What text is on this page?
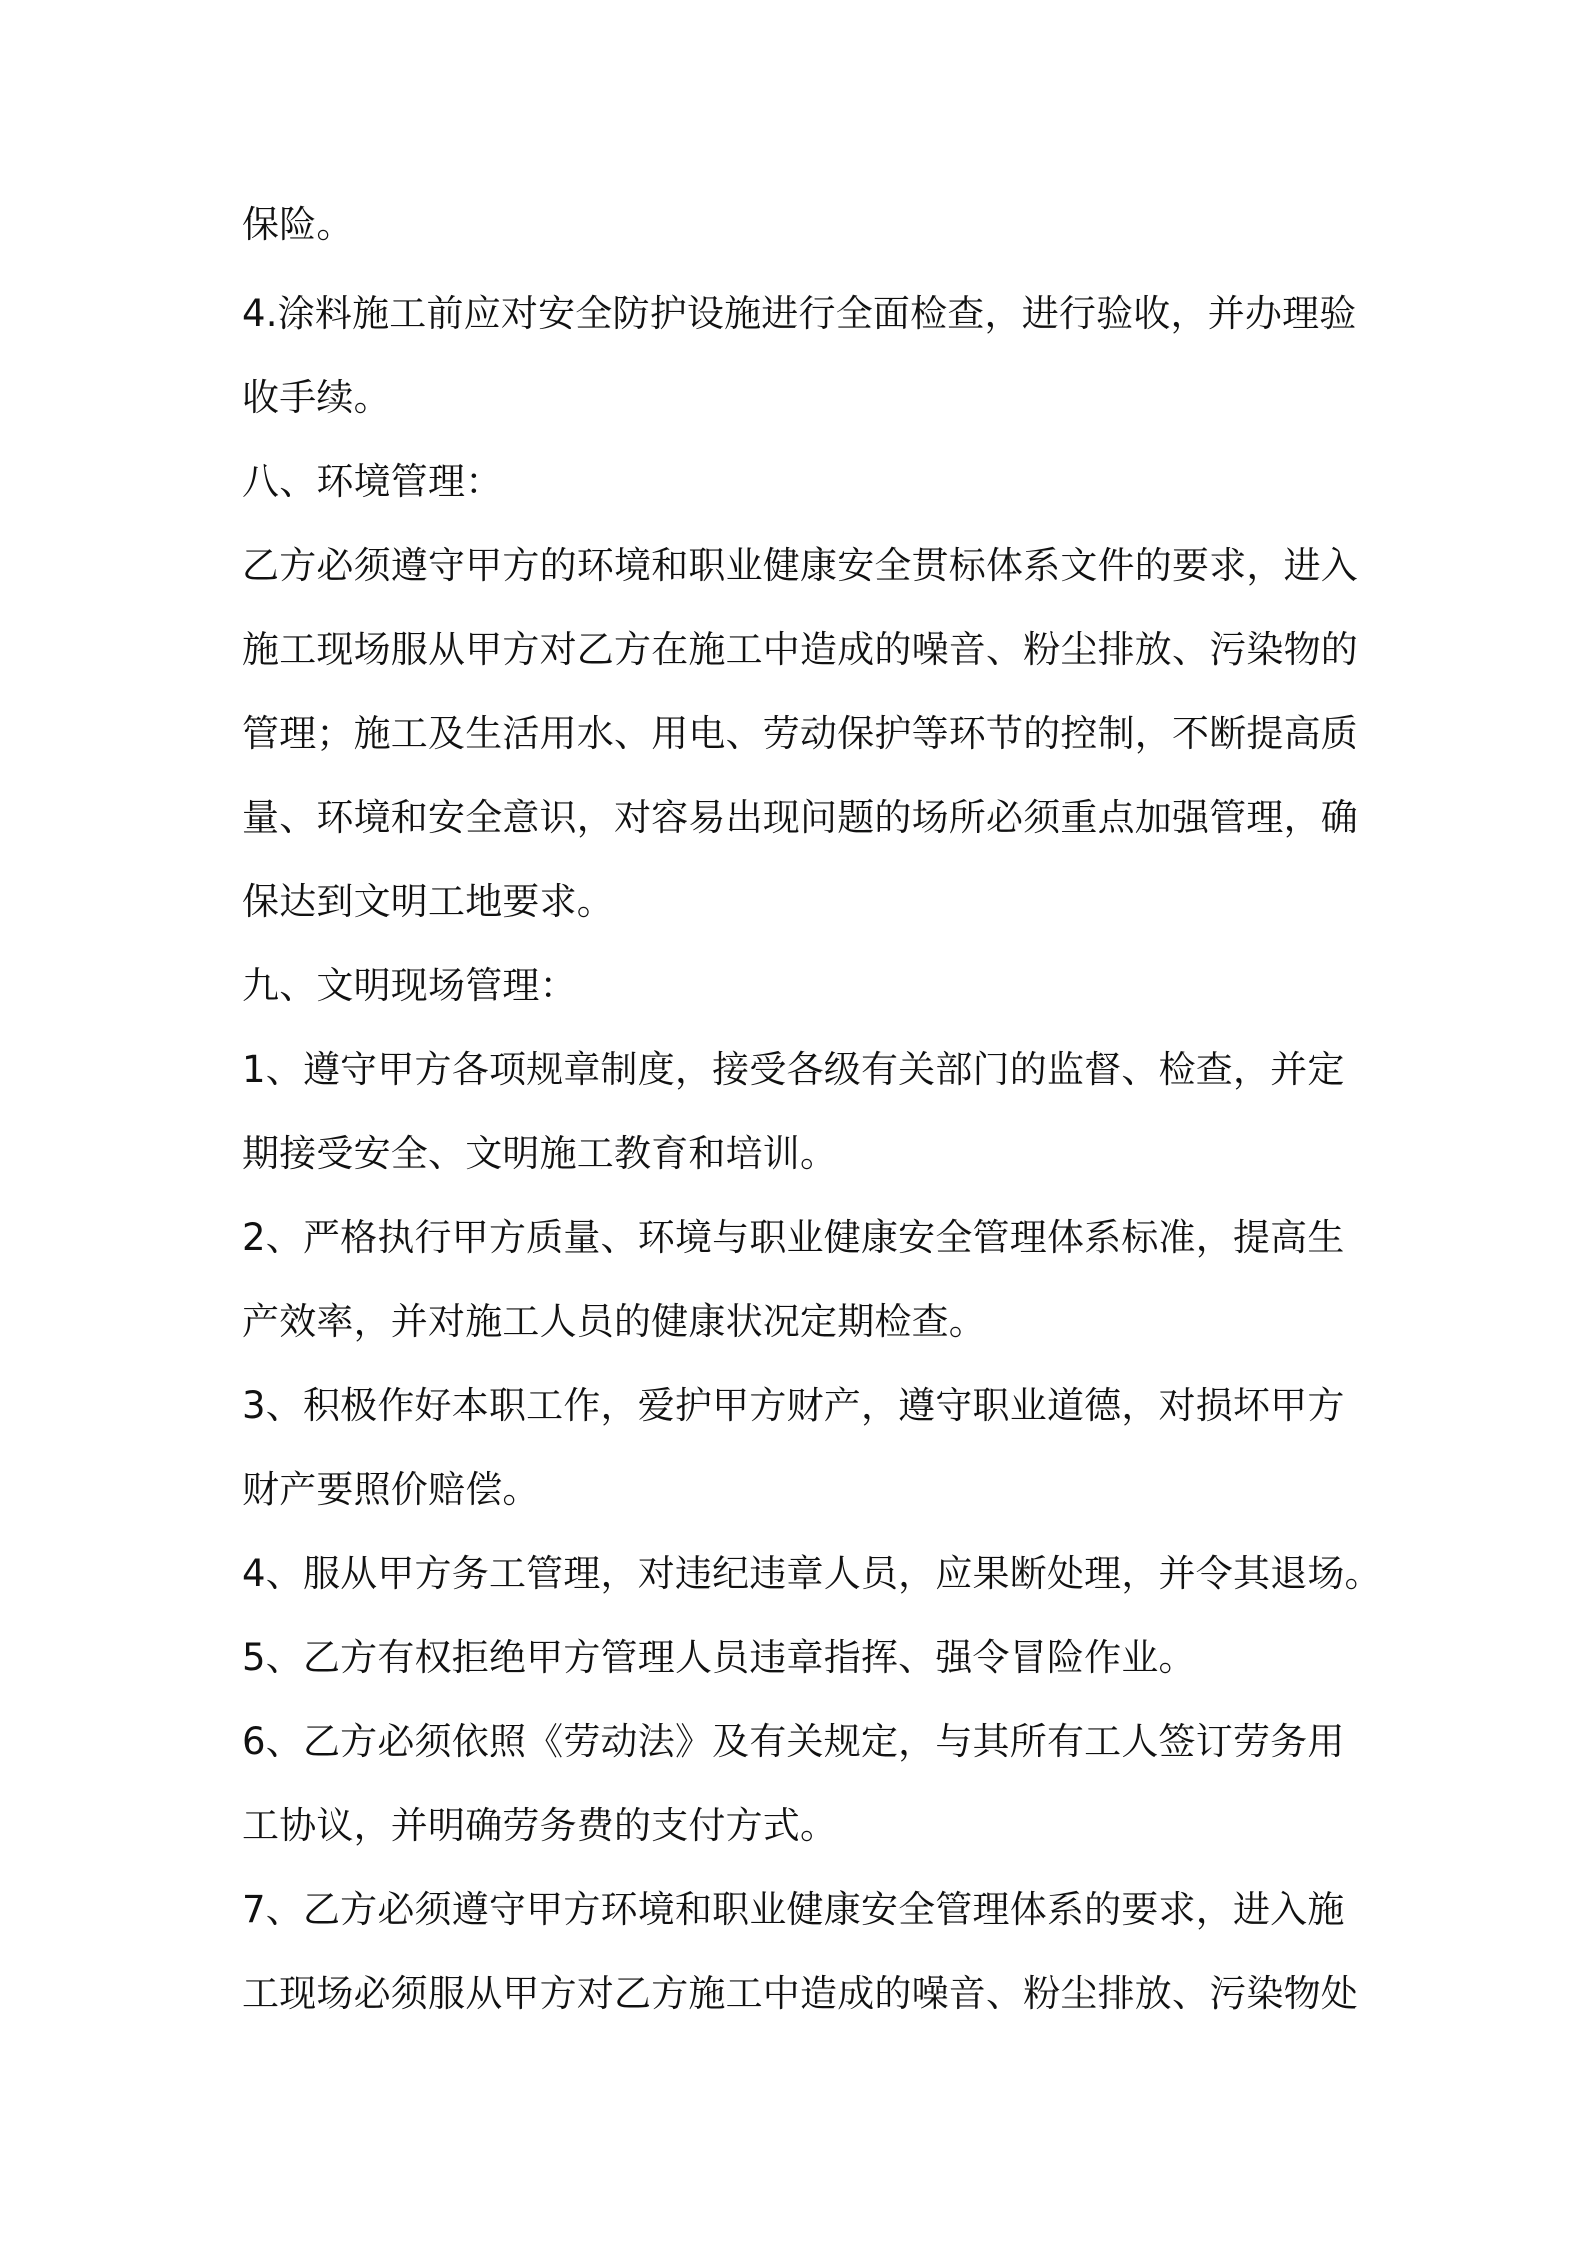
保险。
4.涂料施工前应对安全防护设施进行全面检查，进行验收，并办理验
收手续。
八、环境管理：
乙方必须遵守甲方的环境和职业健康安全贯标体系文件的要求，进入
施工现场服从甲方对乙方在施工中造成的噪音、粉尘排放、污染物的
管理；施工及生活用水、用电、劳动保护等环节的控制，不断提高质
量、环境和安全意识，对容易出现问题的场所必须重点加强管理，确
保达到文明工地要求。
九、文明现场管理：
1、遵守甲方各项规章制度，接受各级有关部门的监督、检查，并定
期接受安全、文明施工教育和培训。
2、严格执行甲方质量、环境与职业健康安全管理体系标准，提高生
产效率，并对施工人员的健康状况定期检查。
3、积极作好本职工作，爱护甲方财产，遵守职业道德，对损坏甲方
财产要照价赔偿。
4、服从甲方务工管理，对违纪违章人员，应果断处理，并令其退场。
5、乙方有权拒绝甲方管理人员违章指挥、强令冒险作业。
6、乙方必须依照《劳动法》及有关规定，与其所有工人签订劳务用
工协议，并明确劳务费的支付方式。
7、乙方必须遵守甲方环境和职业健康安全管理体系的要求，进入施
工现场必须服从甲方对乙方施工中造成的噪音、粉尘排放、污染物处
